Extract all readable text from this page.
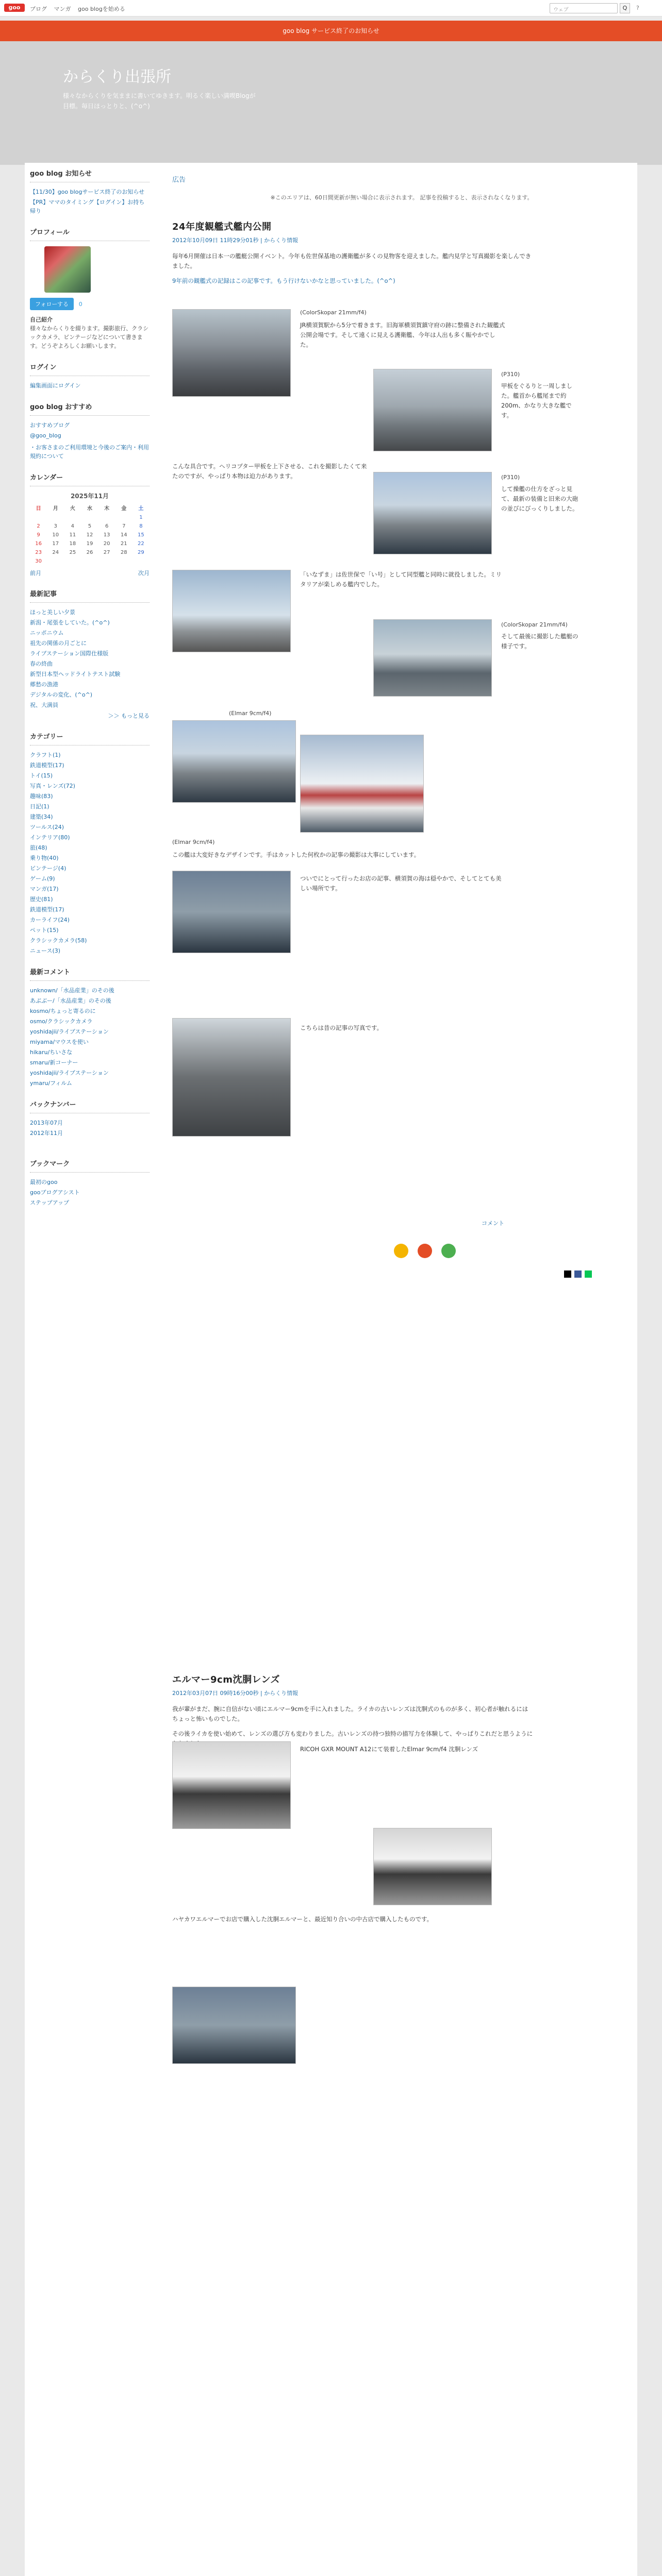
goo	ブログ マンガ goo blogを始める	ウェブ	Q	?
goo blog サービス終了のお知らせ
からくり出張所
様々なからくりを気ままに書いてゆきます。明るく楽しい満喫Blogが目標。毎日ほっとりと、(^o^)
goo blog お知らせ
【11/30】goo blogサービス終了のお知らせ
【PR】ママのタイミング【ログイン】お持ち帰り
プロフィール
フォローする 0
自己紹介
様々なからくりを綴ります。撮影旅行、クラシックカメラ、ビンテージなどについて書きます。どうぞよろしくお願いします。
ログイン
編集画面にログイン
goo blog おすすめ
おすすめブログ
@goo_blog
・お客さまのご利用環境と今後のご案内・利用規約について
カレンダー
2025年11月
日	月	火	水	木	金	土
						1
2	3	4	5	6	7	8
9	10	11	12	13	14	15
16	17	18	19	20	21	22
23	24	25	26	27	28	29
30						
前月	次月
最新記事
ほっと美しい夕景
新潟・尾張をしていた。(^o^)
ニッポニウム
祖先の関係の月ごとに
ライブステーション国際仕様版
春の終曲
新型日本型ヘッドライトテスト試験
郷愁の漁港
デジタルの変化、(^o^)
祝、大満員
＞＞ もっと見る
カテゴリー
クラフト(1)
鉄道模型(17)
トイ(15)
写真・レンズ(72)
趣味(83)
日記(1)
建築(34)
ツールス(24)
インテリア(80)
旅(48)
乗り物(40)
ビンテージ(4)
ゲーム(9)
マンガ(17)
歴史(81)
鉄道模型(17)
カーライフ(24)
ペット(15)
クラシックカメラ(58)
ニュース(3)
最新コメント
unknown/「水品産業」のその後
あぶぶー/「水品産業」のその後
kosmo/ちょっと寄るのに
osmo/クラシックカメラ
yoshidajii/ライブステーション
miyama/マウスを使い
hikaru/ちいさな
smaru/新コーナー
yoshidajii/ライブステーション
ymaru/フィルム
バックナンバー
2013年07月
2012年11月
ブックマーク
最初のgoo
gooブログアシスト
ステップアップ
広告
※このエリアは、60日間更新が無い場合に表示されます。 記事を投稿すると、表示されなくなります。
24年度観艦式艦内公開
2012年10月09日 11時29分01秒 | からくり情報
毎年6月開催は日本一の艦艇公開イベント。今年も佐世保基地の護衛艦が多くの見物客を迎えました。艦内見学と写真撮影を楽しんできました。
9年前の観艦式の記録はこの記事です。もう行けないかなと思っていました。(^o^)
(ColorSkopar 21mm/f4)
JR横須賀駅から5分で着きます。旧海軍横須賀鎮守府の跡に整備された観艦式公開会場です。そして遠くに見える護衛艦、今年は人出も多く賑やかでした。
(P310)
甲板をぐるりと一周しました。艦首から艦尾まで約200m、かなり大きな艦です。
こんな具合です。ヘリコプター甲板を上下させる、これを撮影したくて来たのですが、やっぱり本物は迫力があります。	(P310)
して操艦の仕方をざっと見て、最新の装備と旧来の大砲の並びにびっくりしました。
「いなずま」は佐世保で「い号」として同型艦と同時に就役しました。ミリタリアが楽しめる艦内でした。
(ColorSkopar 21mm/f4)
そして最後に撮影した艦艇の様子です。
(Elmar 9cm/f4)
(Elmar 9cm/f4)
この艦は大変好きなデザインです。手はカットした何枚かの記事の撮影は大事にしています。
ついでにとって行ったお店の記事、横須賀の海は穏やかで、そしてとても美しい場所です。
こちらは昔の記事の写真です。
コメント
エルマー9cm沈胴レンズ
2012年03月07日 09時16分00秒 | からくり情報
我が輩がまだ、腕に自信がない頃にエルマー9cmを手に入れました。ライカの古いレンズは沈胴式のものが多く、初心者が触れるにはちょっと怖いものでした。
その後ライカを使い始めて、レンズの選び方も変わりました。古いレンズの持つ独特の描写力を体験して、やっぱりこれだと思うように
RICOH GXR MOUNT A12にて装着したElmar 9cm/f4 沈胴レンズ
ハヤカワエルマーでお店で購入した沈胴エルマーと、最近知り合いの中古店で購入したものです。
